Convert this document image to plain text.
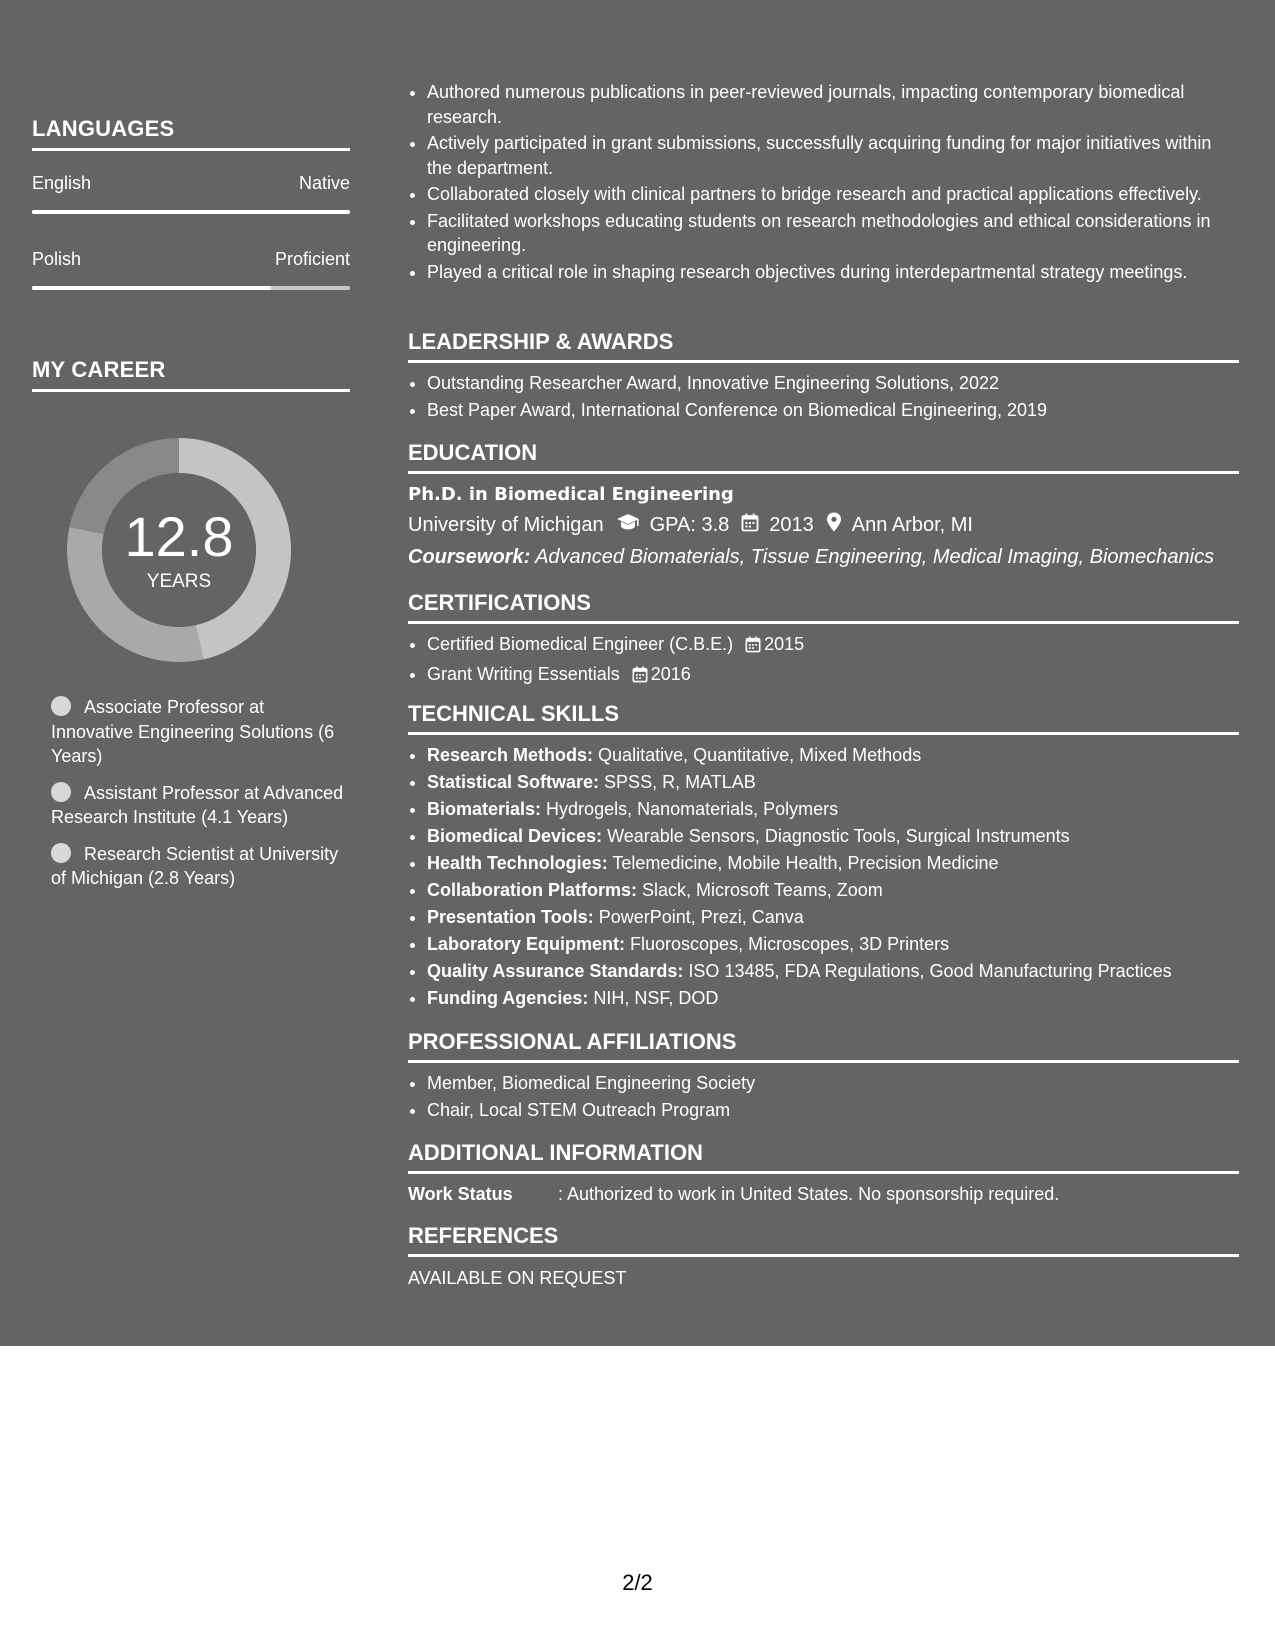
LANGUAGES
English	Native
Polish	Proficient
MY CAREER
12.8
YEARS
Associate Professor at Innovative Engineering Solutions (6 Years)
Assistant Professor at Advanced Research Institute (4.1 Years)
Research Scientist at University of Michigan (2.8 Years)
• Authored numerous publications in peer-reviewed journals, impacting contemporary biomedical research.
• Actively participated in grant submissions, successfully acquiring funding for major initiatives within the department.
• Collaborated closely with clinical partners to bridge research and practical applications effectively.
• Facilitated workshops educating students on research methodologies and ethical considerations in engineering.
• Played a critical role in shaping research objectives during interdepartmental strategy meetings.
LEADERSHIP & AWARDS
• Outstanding Researcher Award, Innovative Engineering Solutions, 2022
• Best Paper Award, International Conference on Biomedical Engineering, 2019
EDUCATION
Ph.D. in Biomedical Engineering
University of Michigan GPA: 3.8 2013 Ann Arbor, MI
Coursework: Advanced Biomaterials, Tissue Engineering, Medical Imaging, Biomechanics
CERTIFICATIONS
• Certified Biomedical Engineer (C.B.E.) 2015
• Grant Writing Essentials 2016
TECHNICAL SKILLS
• Research Methods: Qualitative, Quantitative, Mixed Methods
• Statistical Software: SPSS, R, MATLAB
• Biomaterials: Hydrogels, Nanomaterials, Polymers
• Biomedical Devices: Wearable Sensors, Diagnostic Tools, Surgical Instruments
• Health Technologies: Telemedicine, Mobile Health, Precision Medicine
• Collaboration Platforms: Slack, Microsoft Teams, Zoom
• Presentation Tools: PowerPoint, Prezi, Canva
• Laboratory Equipment: Fluoroscopes, Microscopes, 3D Printers
• Quality Assurance Standards: ISO 13485, FDA Regulations, Good Manufacturing Practices
• Funding Agencies: NIH, NSF, DOD
PROFESSIONAL AFFILIATIONS
• Member, Biomedical Engineering Society
• Chair, Local STEM Outreach Program
ADDITIONAL INFORMATION
Work Status	: Authorized to work in United States. No sponsorship required.
REFERENCES
AVAILABLE ON REQUEST
2/2
